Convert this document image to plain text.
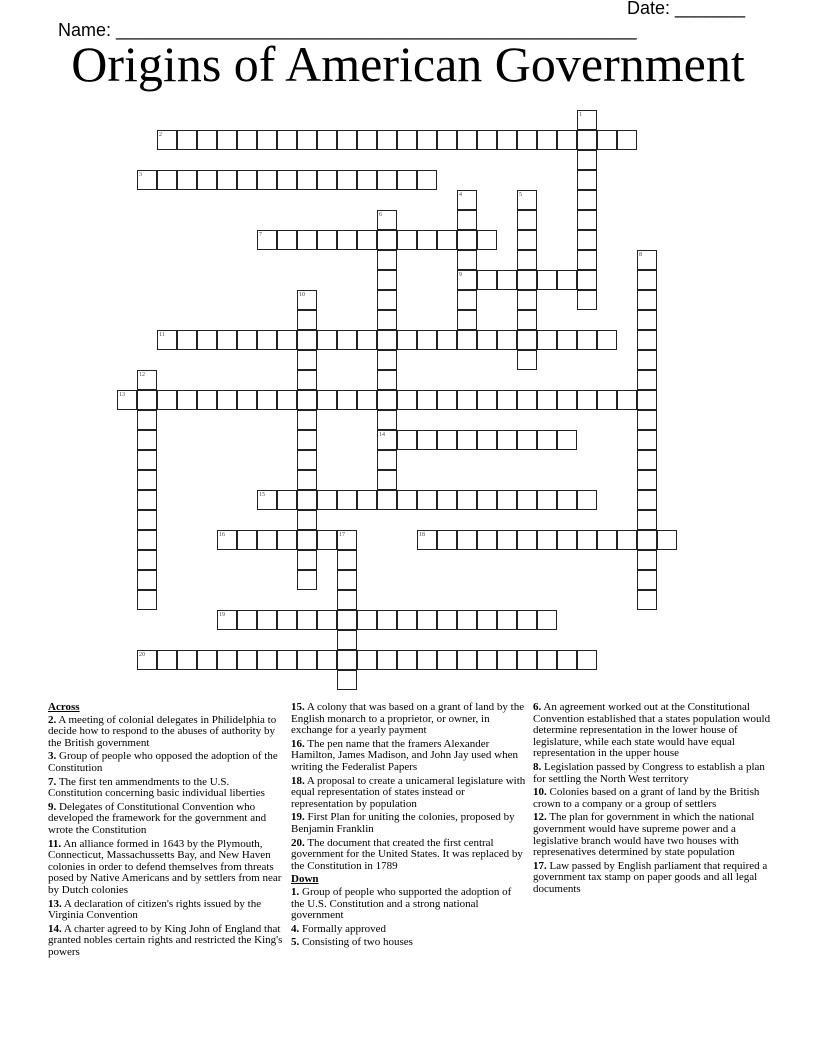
Name: ____________________________________________________

Date: _______

Origins of American Government
1
2
3
4
9
5
6
14
7
8
10
11
12
13
15
16	17	18
19
20
Across
2. A meeting of colonial delegates in Philidelphia to decide how to respond to the abuses of authority by the British government
3. Group of people who opposed the adoption of the Constitution
7. The first ten ammendments to the U.S. Constitution concerning basic individual liberties
9. Delegates of Constitutional Convention who developed the framework for the government and wrote the Constitution
11. An alliance formed in 1643 by the Plymouth, Connecticut, Massachussetts Bay, and New Haven colonies in order to defend themselves from threats posed by Native Americans and by settlers from near by Dutch colonies
13. A declaration of citizen's rights issued by the Virginia Convention
14. A charter agreed to by King John of England that granted nobles certain rights and restricted the King's powers
15. A colony that was based on a grant of land by the English monarch to a proprietor, or owner, in exchange for a yearly payment
16. The pen name that the framers Alexander Hamilton, James Madison, and John Jay used when writing the Federalist Papers
18. A proposal to create a unicameral legislature with equal representation of states instead or representation by population
19. First Plan for uniting the colonies, proposed by Benjamin Franklin
20. The document that created the first central government for the United States. It was replaced by the Constitution in 1789
Down
1. Group of people who supported the adoption of the U.S. Constitution and a strong national government
4. Formally approved
5. Consisting of two houses
6. An agreement worked out at the Constitutional Convention established that a states population would determine representation in the lower house of legislature, while each state would have equal representation in the upper house
8. Legislation passed by Congress to establish a plan for settling the North West territory
10. Colonies based on a grant of land by the British crown to a company or a group of settlers
12. The plan for government in which the national government would have supreme power and a legislative branch would have two houses with represenatives determined by state population
17. Law passed by English parliament that required a government tax stamp on paper goods and all legal documents
